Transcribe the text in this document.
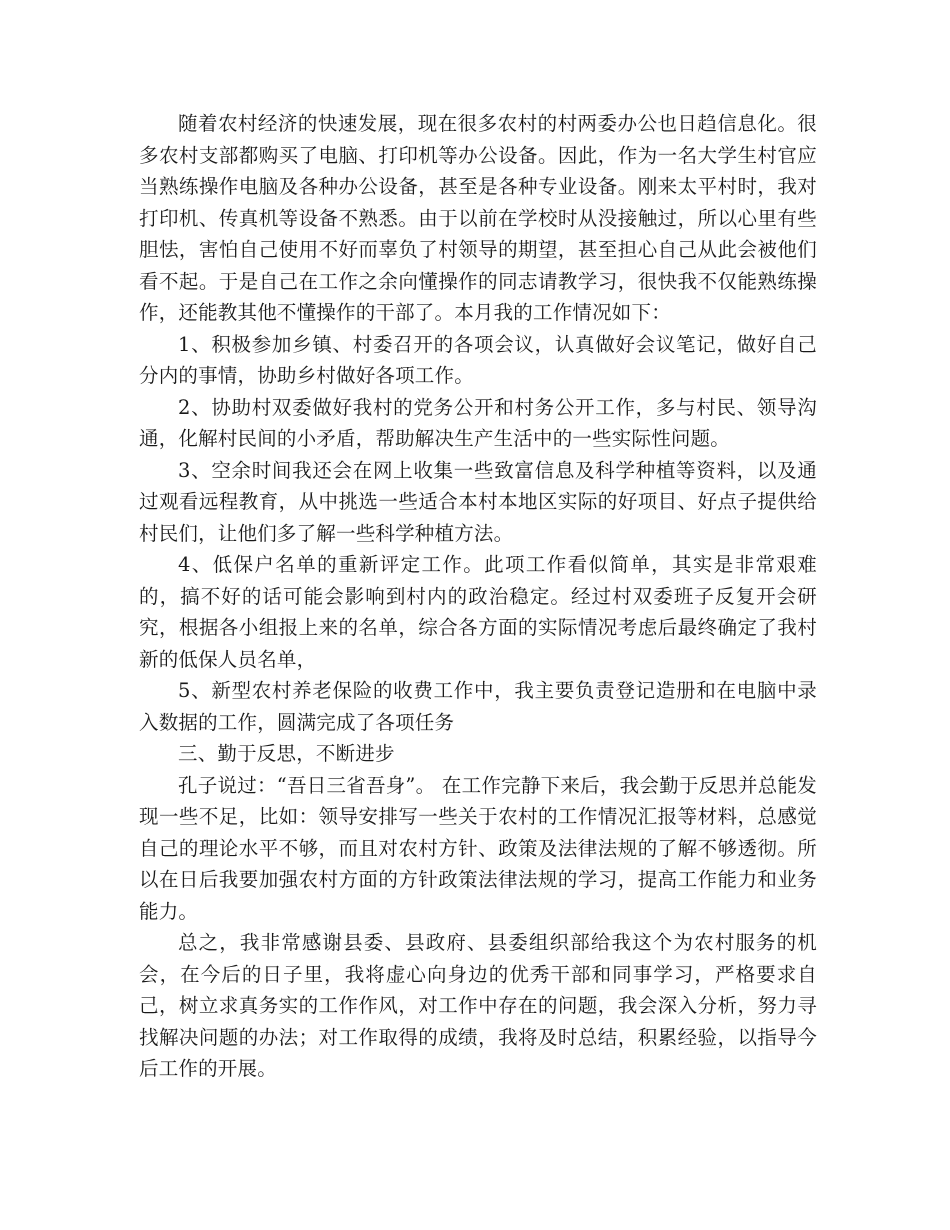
随着农村经济的快速发展，现在很多农村的村两委办公也日趋信息化。很多农村支部都购买了电脑、打印机等办公设备。因此，作为一名大学生村官应当熟练操作电脑及各种办公设备，甚至是各种专业设备。刚来太平村时，我对打印机、传真机等设备不熟悉。由于以前在学校时从没接触过，所以心里有些胆怯，害怕自己使用不好而辜负了村领导的期望，甚至担心自己从此会被他们看不起。于是自己在工作之余向懂操作的同志请教学习，很快我不仅能熟练操作，还能教其他不懂操作的干部了。本月我的工作情况如下：

1、积极参加乡镇、村委召开的各项会议，认真做好会议笔记，做好自己分内的事情，协助乡村做好各项工作。

2、协助村双委做好我村的党务公开和村务公开工作，多与村民、领导沟通，化解村民间的小矛盾，帮助解决生产生活中的一些实际性问题。

3、空余时间我还会在网上收集一些致富信息及科学种植等资料，以及通过观看远程教育，从中挑选一些适合本村本地区实际的好项目、好点子提供给村民们，让他们多了解一些科学种植方法。

4、低保户名单的重新评定工作。此项工作看似简单，其实是非常艰难的，搞不好的话可能会影响到村内的政治稳定。经过村双委班子反复开会研究，根据各小组报上来的名单，综合各方面的实际情况考虑后最终确定了我村新的低保人员名单，

5、新型农村养老保险的收费工作中，我主要负责登记造册和在电脑中录入数据的工作，圆满完成了各项任务

三、勤于反思，不断进步

孔子说过：“吾日三省吾身”。 在工作完静下来后，我会勤于反思并总能发现一些不足，比如：领导安排写一些关于农村的工作情况汇报等材料，总感觉自己的理论水平不够，而且对农村方针、政策及法律法规的了解不够透彻。所以在日后我要加强农村方面的方针政策法律法规的学习，提高工作能力和业务能力。

总之，我非常感谢县委、县政府、县委组织部给我这个为农村服务的机会，在今后的日子里，我将虚心向身边的优秀干部和同事学习，严格要求自己，树立求真务实的工作作风，对工作中存在的问题，我会深入分析，努力寻找解决问题的办法；对工作取得的成绩，我将及时总结，积累经验，以指导今后工作的开展。
